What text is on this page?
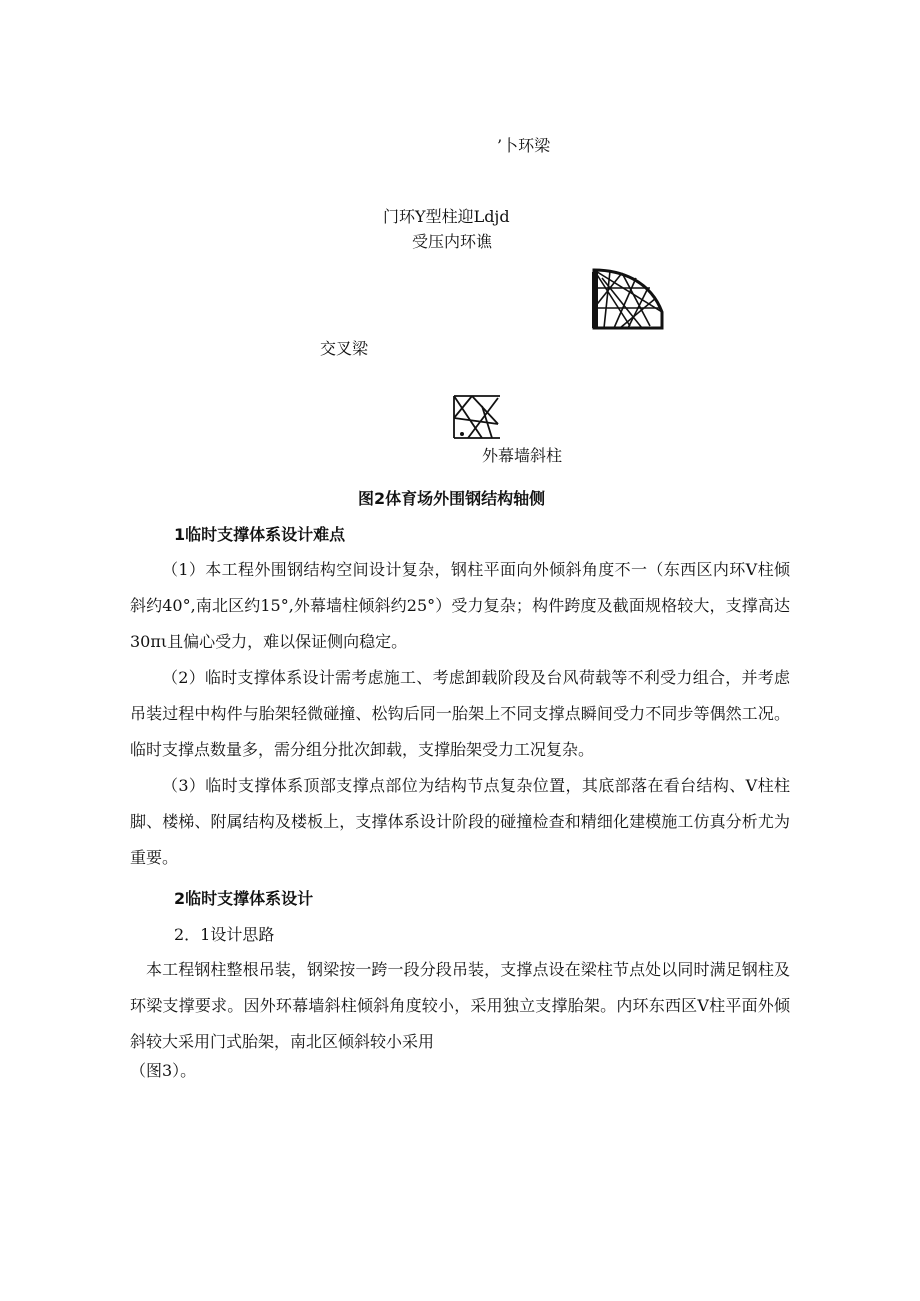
’卜环梁
门环Y型柱迎Ldjd
受压内环谯
交叉梁
外幕墙斜柱
图2体育场外围钢结构轴侧
1临时支撑体系设计难点

（1）本工程外围钢结构空间设计复杂，钢柱平面向外倾斜角度不一（东西区内环V柱倾斜约40°,南北区约15°,外幕墙柱倾斜约25°）受力复杂；构件跨度及截面规格较大，支撑高达30πι且偏心受力，难以保证侧向稳定。

（2）临时支撑体系设计需考虑施工、考虑卸载阶段及台风荷载等不利受力组合，并考虑吊装过程中构件与胎架轻微碰撞、松钩后同一胎架上不同支撑点瞬间受力不同步等偶然工况。临时支撑点数量多，需分组分批次卸载，支撑胎架受力工况复杂。

（3）临时支撑体系顶部支撑点部位为结构节点复杂位置，其底部落在看台结构、V柱柱脚、楼梯、附属结构及楼板上，支撑体系设计阶段的碰撞检查和精细化建模施工仿真分析尤为重要。

2临时支撑体系设计
2．1设计思路

本工程钢柱整根吊装，钢梁按一跨一段分段吊装，支撑点设在梁柱节点处以同时满足钢柱及环梁支撑要求。因外环幕墙斜柱倾斜角度较小，采用独立支撑胎架。内环东西区V柱平面外倾斜较大采用门式胎架，南北区倾斜较小采用

（图3）。
